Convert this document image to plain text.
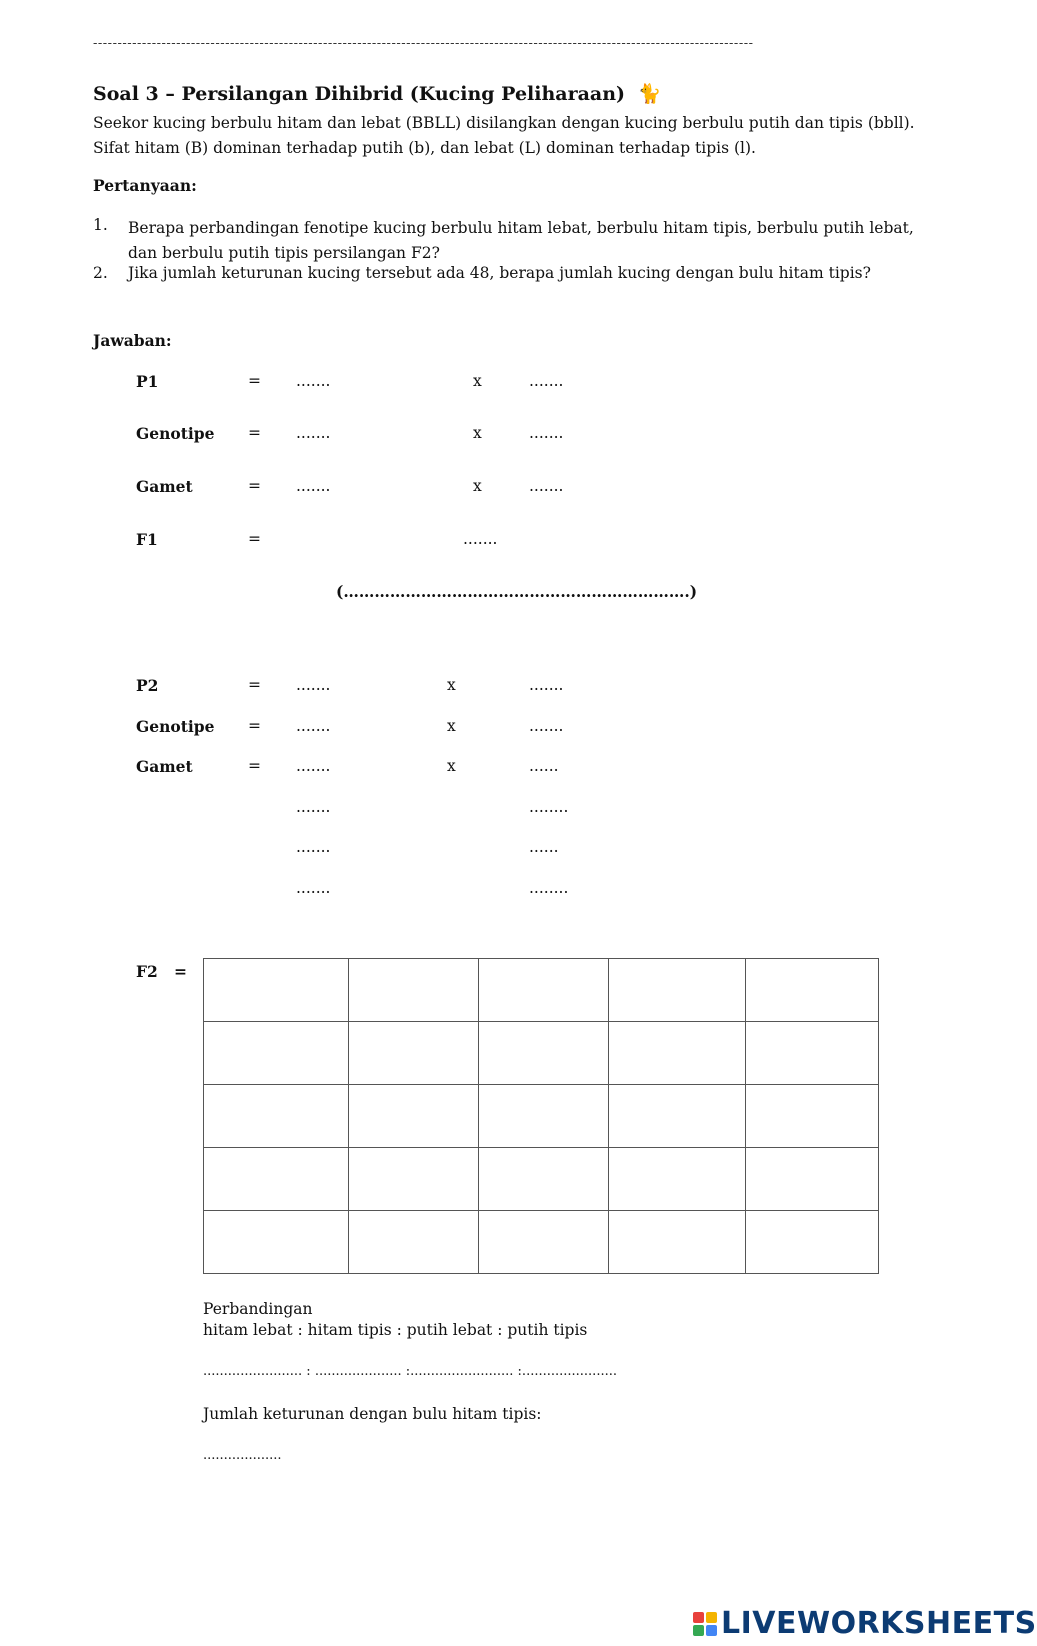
---------------------------------------------------------------------------------------------------------------------------------------
Soal 3 – Persilangan Dihibrid (Kucing Peliharaan) 🐈
Seekor kucing berbulu hitam dan lebat (BBLL) disilangkan dengan kucing berbulu putih dan tipis (bbll). Sifat hitam (B) dominan terhadap putih (b), dan lebat (L) dominan terhadap tipis (l).
Pertanyaan:
1. Berapa perbandingan fenotipe kucing berbulu hitam lebat, berbulu hitam tipis, berbulu putih lebat, dan berbulu putih tipis persilangan F2?
2. Jika jumlah keturunan kucing tersebut ada 48, berapa jumlah kucing dengan bulu hitam tipis?
Jawaban:
P1	= .......	x	.......
Genotipe = .......	x	.......
Gamet	= .......	x	.......
F1	=	.......
(………………………………………………………….)
P2	= .......	x	.......
Genotipe = .......	x	.......
Gamet	= .......	x	......
.......	........
.......	......
.......	........
F2 =

Perbandingan
hitam lebat : hitam tipis : putih lebat : putih tipis
........................ : ..................... :......................... :.......................
Jumlah keturunan dengan bulu hitam tipis:
...................
LIVEWORKSHEETS
